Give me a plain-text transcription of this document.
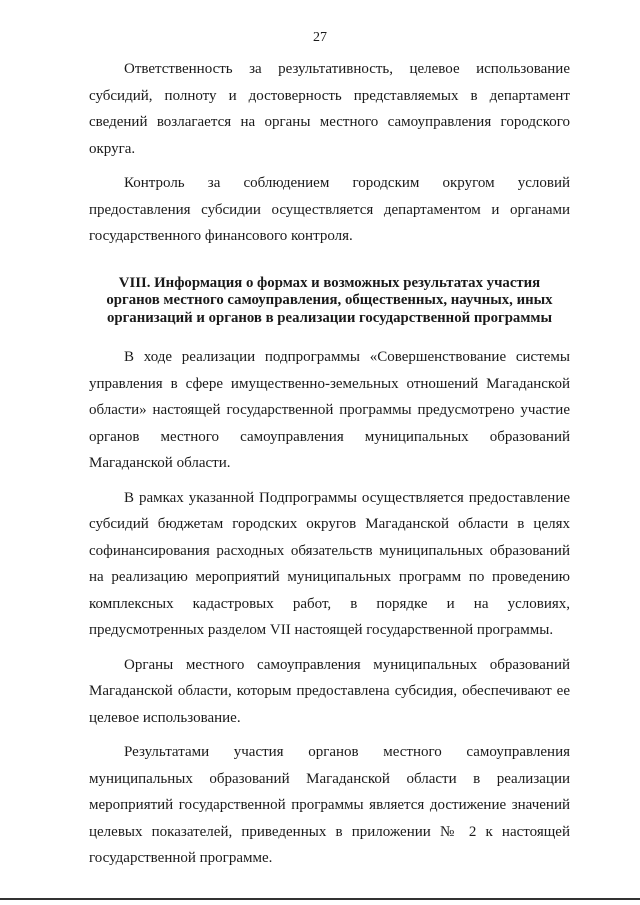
27

Ответственность за результативность, целевое использование субсидий, полноту и достоверность представляемых в департамент сведений возлагается на органы местного самоуправления городского округа.

Контроль за соблюдением городским округом условий предоставления субсидии осуществляется департаментом и органами государственного финансового контроля.

VIII. Информация о формах и возможных результатах участия
органов местного самоуправления, общественных, научных, иных
организаций и органов в реализации государственной программы

В ходе реализации подпрограммы «Совершенствование системы управления в сфере имущественно-земельных отношений Магаданской области» настоящей государственной программы предусмотрено участие органов местного самоуправления муниципальных образований Магаданской области.

В рамках указанной Подпрограммы осуществляется предоставление субсидий бюджетам городских округов Магаданской области в целях софинансирования расходных обязательств муниципальных образований на реализацию мероприятий муниципальных программ по проведению комплексных кадастровых работ, в порядке и на условиях, предусмотренных разделом VII настоящей государственной программы.

Органы местного самоуправления муниципальных образований Магаданской области, которым предоставлена субсидия, обеспечивают ее целевое использование.

Результатами участия органов местного самоуправления муниципальных образований Магаданской области в реализации мероприятий государственной программы является достижение значений целевых показателей, приведенных в приложении № 2 к настоящей государственной программе.
